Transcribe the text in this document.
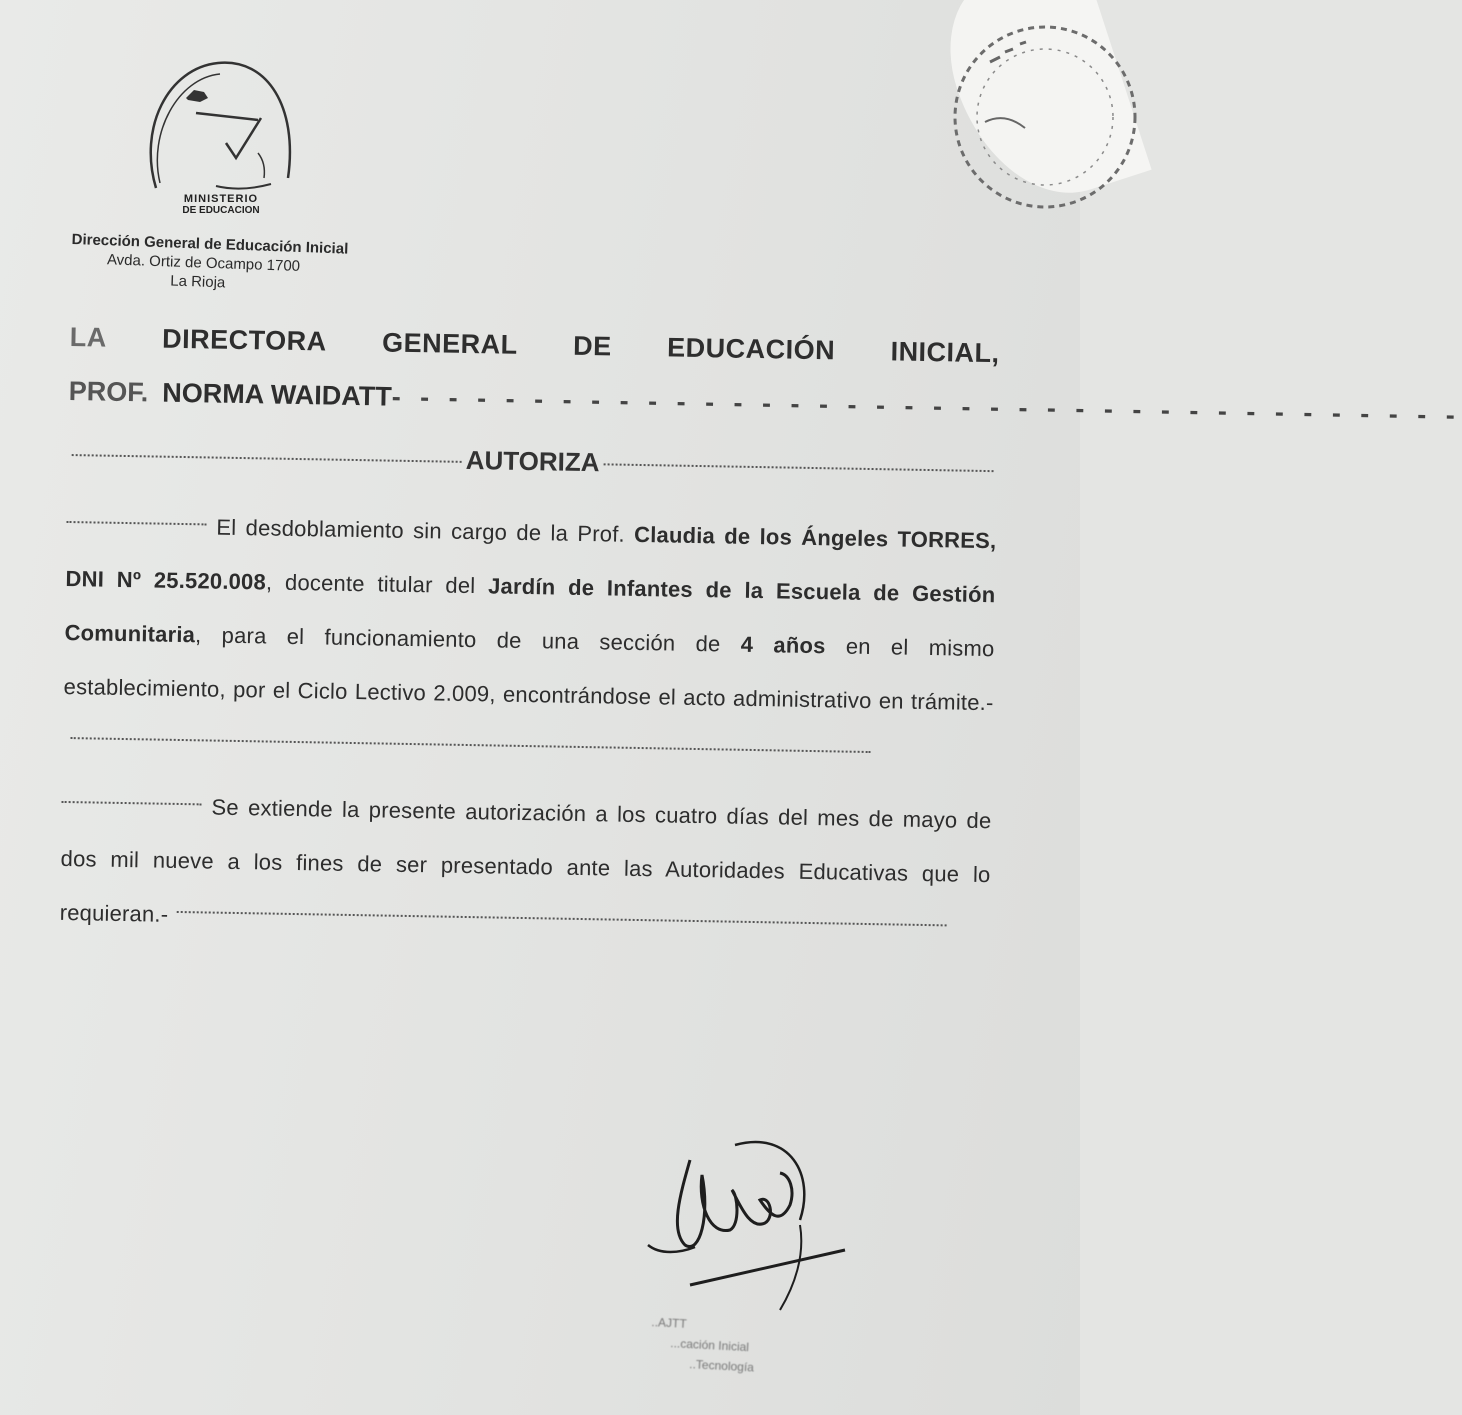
MINISTERIO
DE EDUCACION
Dirección General de Educación Inicial
Avda. Ortiz de Ocampo 1700
La Rioja
LA DIRECTORA GENERAL DE EDUCACIÓN INICIAL,
PROF. NORMA WAIDATT- - - - - - - - - - - - - - - - - - - - - - - - - - - - - - - - - - - - - -
AUTORIZA
El desdoblamiento sin cargo de la Prof. Claudia de los Ángeles TORRES, DNI Nº 25.520.008, docente titular del Jardín de Infantes de la Escuela de Gestión Comunitaria, para el funcionamiento de una sección de 4 años en el mismo establecimiento, por el Ciclo Lectivo 2.009, encontrándose el acto administrativo en trámite.-
Se extiende la presente autorización a los cuatro días del mes de mayo de dos mil nueve a los fines de ser presentado ante las Autoridades Educativas que lo requieran.-
..AJTT
...cación Inicial
..Tecnología
